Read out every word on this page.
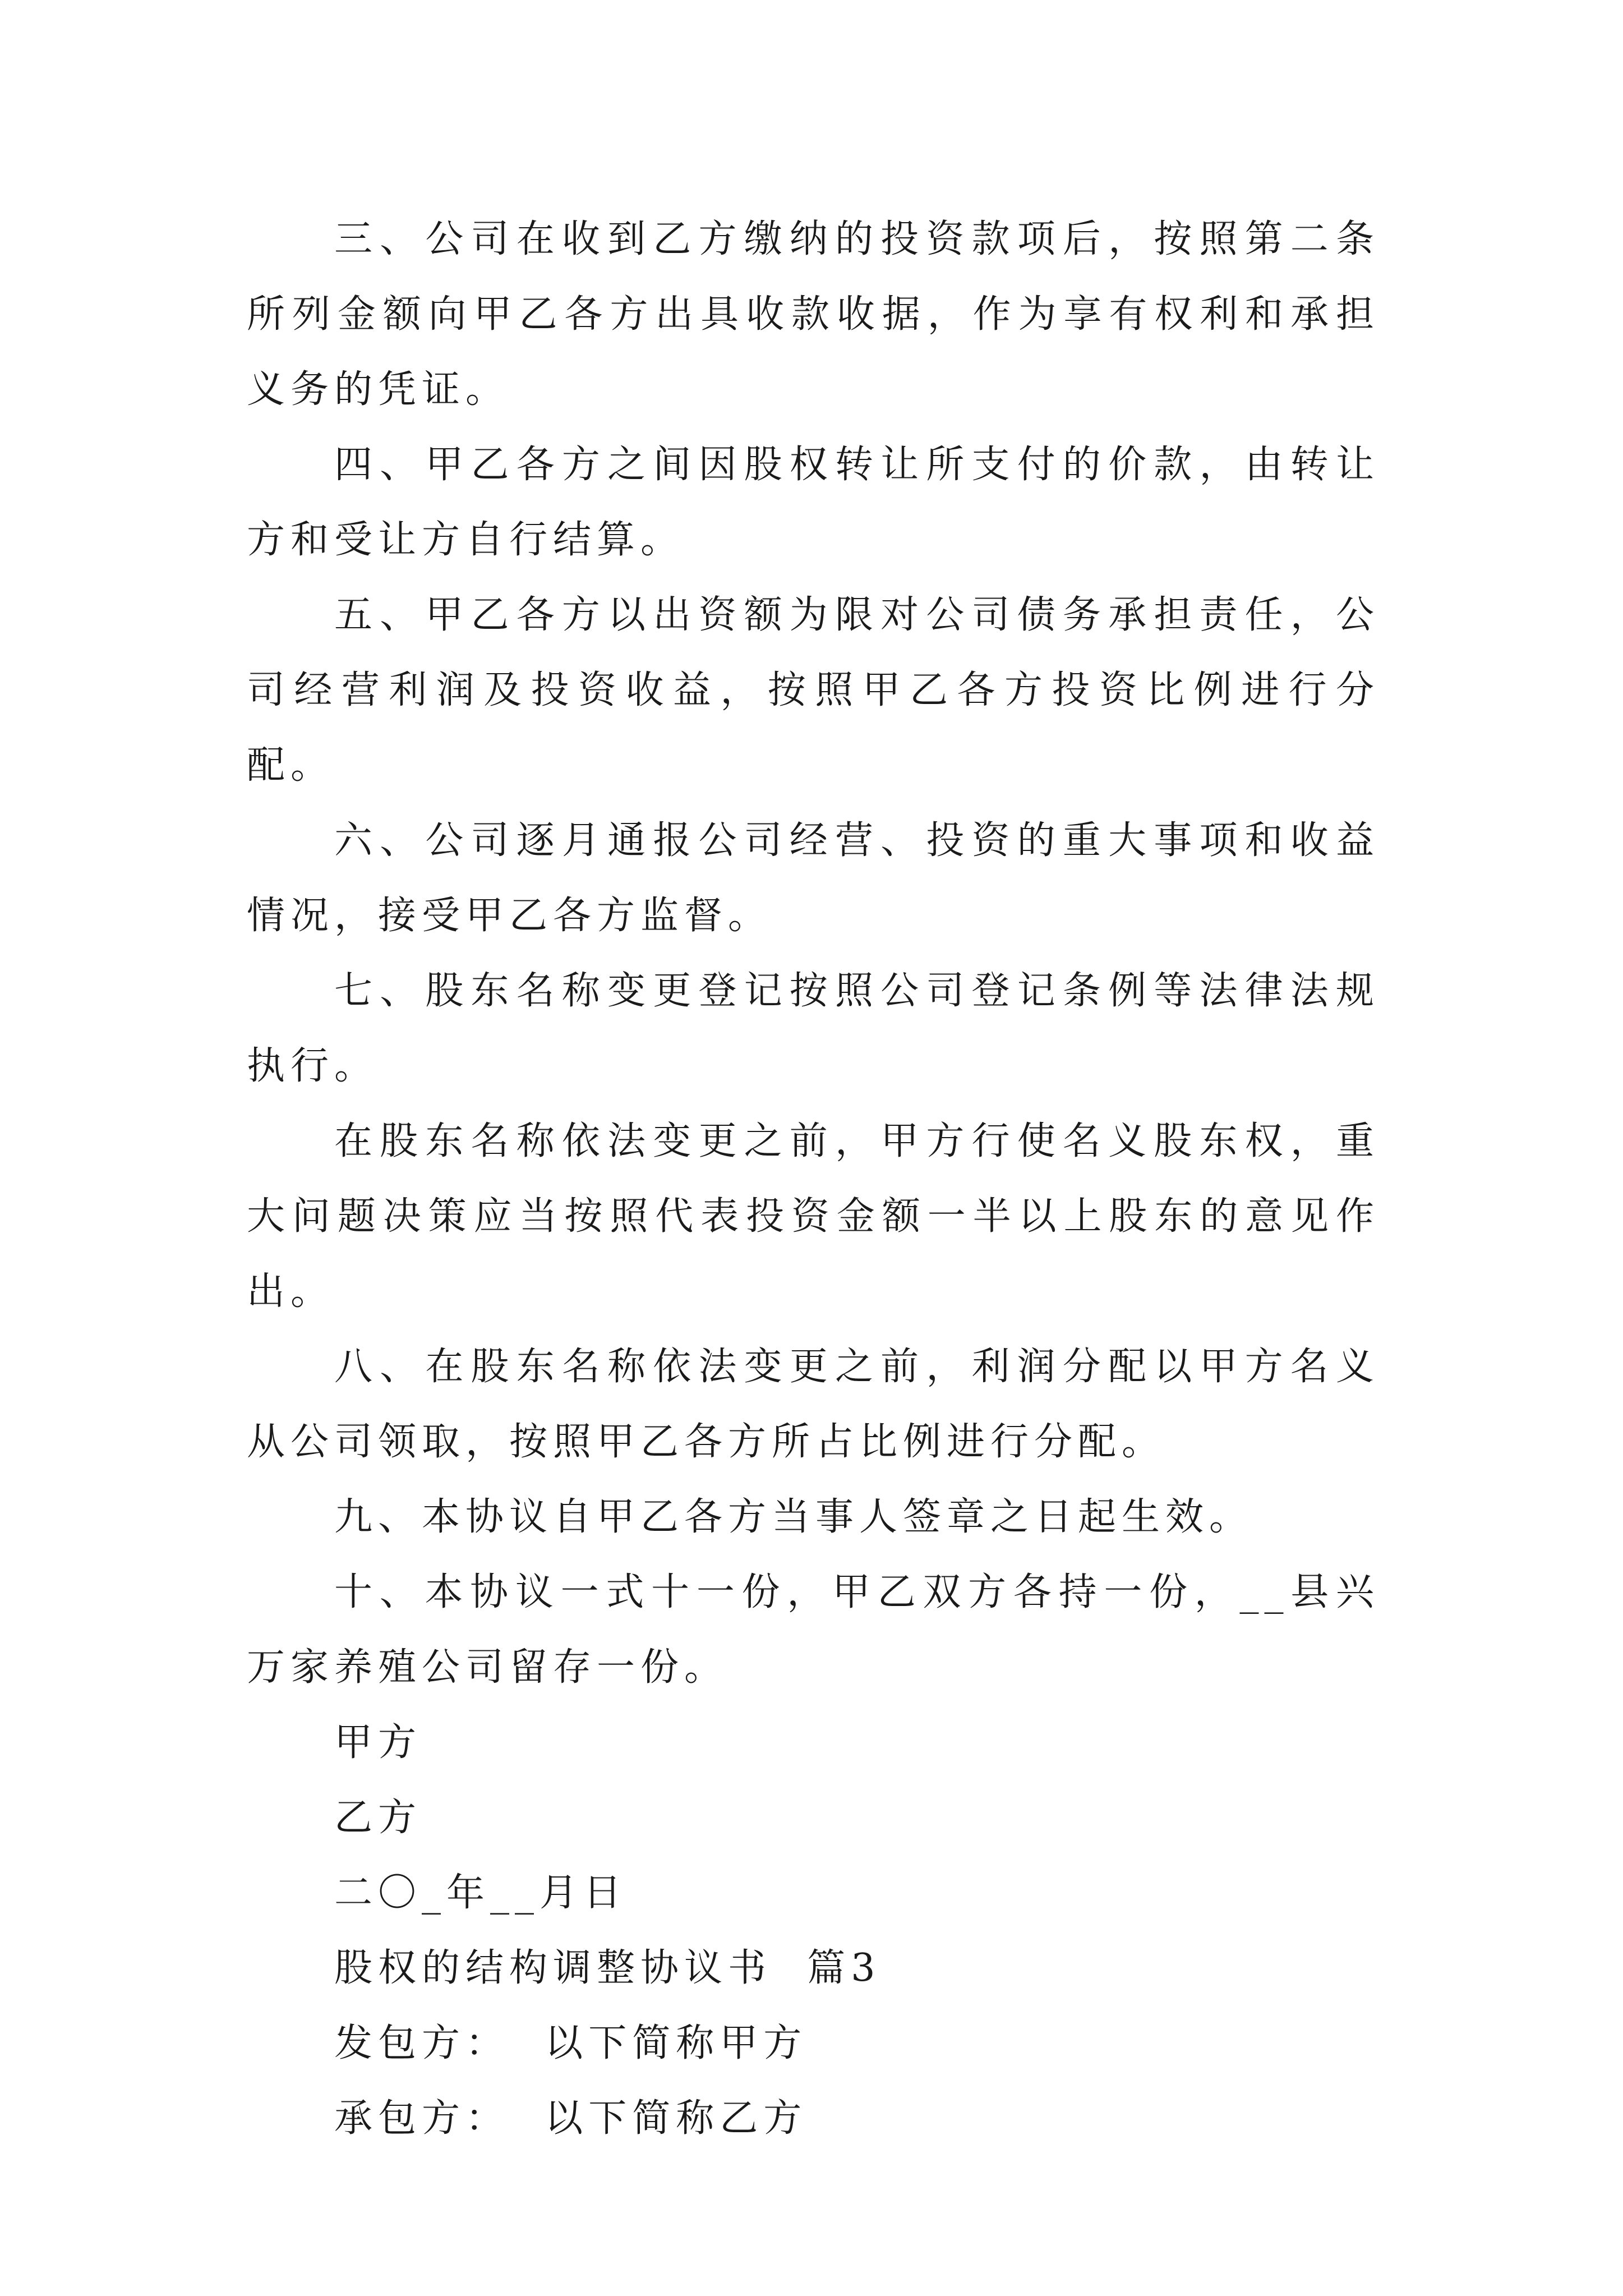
三、公司在收到乙方缴纳的投资款项后，按照第二条所列金额向甲乙各方出具收款收据，作为享有权利和承担义务的凭证。

四、甲乙各方之间因股权转让所支付的价款，由转让方和受让方自行结算。

五、甲乙各方以出资额为限对公司债务承担责任，公司经营利润及投资收益，按照甲乙各方投资比例进行分配。

六、公司逐月通报公司经营、投资的重大事项和收益情况，接受甲乙各方监督。

七、股东名称变更登记按照公司登记条例等法律法规执行。

在股东名称依法变更之前，甲方行使名义股东权，重大问题决策应当按照代表投资金额一半以上股东的意见作出。

八、在股东名称依法变更之前，利润分配以甲方名义从公司领取，按照甲乙各方所占比例进行分配。

九、本协议自甲乙各方当事人签章之日起生效。

十、本协议一式十一份，甲乙双方各持一份，__县兴万家养殖公司留存一份。

甲方

乙方

二〇_年__月日

股权的结构调整协议书  篇3

发包方：  以下简称甲方

承包方：  以下简称乙方
